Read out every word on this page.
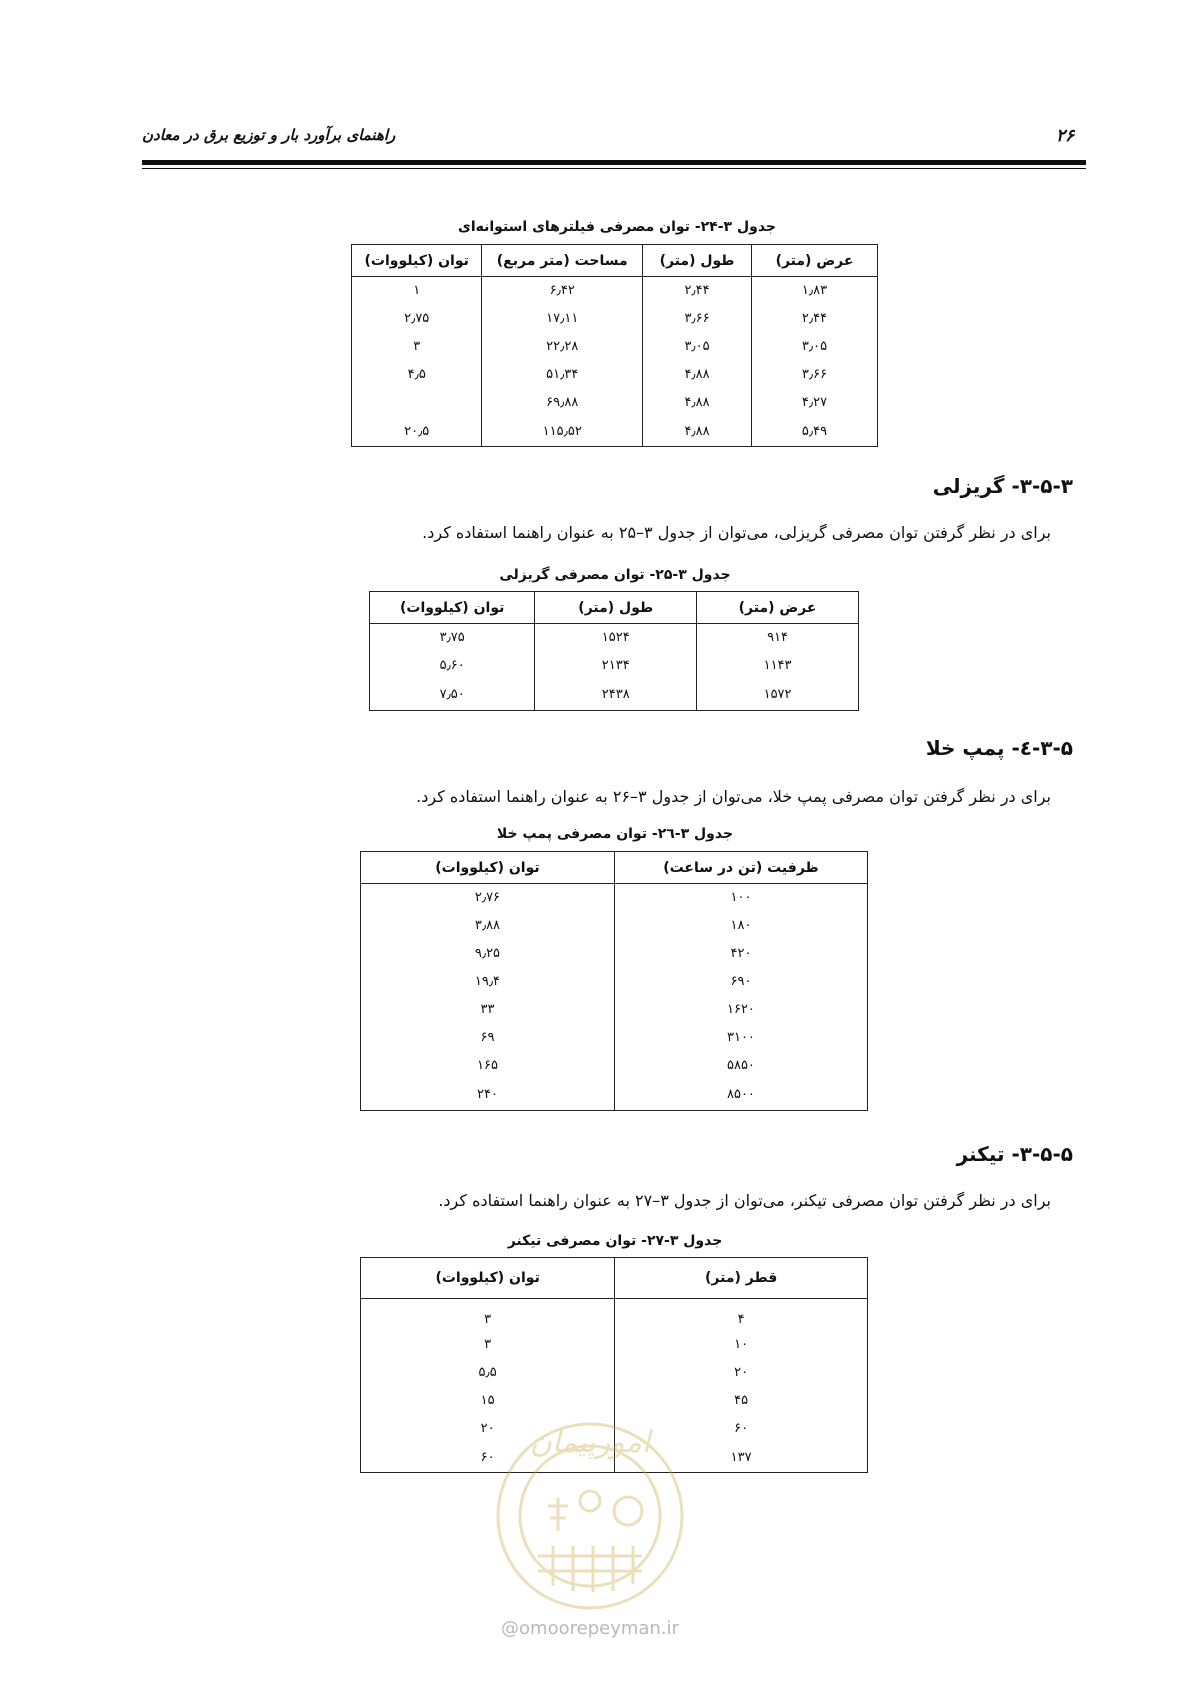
راهنمای برآورد بار و توزیع برق در معادن	۲۶
جدول ۳-۲۴- توان مصرفی فیلترهای استوانه‌ای
عرض (متر)	طول (متر)	مساحت (متر مربع)	توان (کیلووات)
۱٫۸۳	۲٫۴۴	۶٫۴۲	۱
۲٫۴۴	۳٫۶۶	۱۷٫۱۱	۲٫۷۵
۳٫۰۵	۳٫۰۵	۲۲٫۲۸	۳
۳٫۶۶	۴٫۸۸	۵۱٫۳۴	۴٫۵
۴٫۲۷	۴٫۸۸	۶۹٫۸۸	
۵٫۴۹	۴٫۸۸	۱۱۵٫۵۲	۲۰٫۵
۳-۵-۳- گریزلی
برای در نظر گرفتن توان مصرفی گریزلی، می‌توان از جدول ۳–۲۵ به عنوان راهنما استفاده کرد.
جدول ۳-۲۵- توان مصرفی گریزلی
عرض (متر)	طول (متر)	توان (کیلووات)
۹۱۴	۱۵۲۴	۳٫۷۵
۱۱۴۳	۲۱۳۴	۵٫۶۰
۱۵۷۲	۲۴۳۸	۷٫۵۰
۳-۵-٤- پمپ خلا
برای در نظر گرفتن توان مصرفی پمپ خلا، می‌توان از جدول ۳–۲۶ به عنوان راهنما استفاده کرد.
جدول ۳-۲٦- توان مصرفی پمپ خلا
ظرفیت (تن در ساعت)	توان (کیلووات)
۱۰۰	۲٫۷۶
۱۸۰	۳٫۸۸
۴۲۰	۹٫۲۵
۶۹۰	۱۹٫۴
۱۶۲۰	۳۳
۳۱۰۰	۶۹
۵۸۵۰	۱۶۵
۸۵۰۰	۲۴۰
۳-۵-۵- تیکنر
برای در نظر گرفتن توان مصرفی تیکنر، می‌توان از جدول ۳–۲۷ به عنوان راهنما استفاده کرد.
جدول ۳-۲۷- توان مصرفی تیکنر
قطر (متر)	توان (کیلووات)
۴	۳
۱۰	۳
۲۰	۵٫۵
۴۵	۱۵
۶۰	۲۰
۱۳۷	۶۰ امورپیمان
@omoorepeyman.ir
